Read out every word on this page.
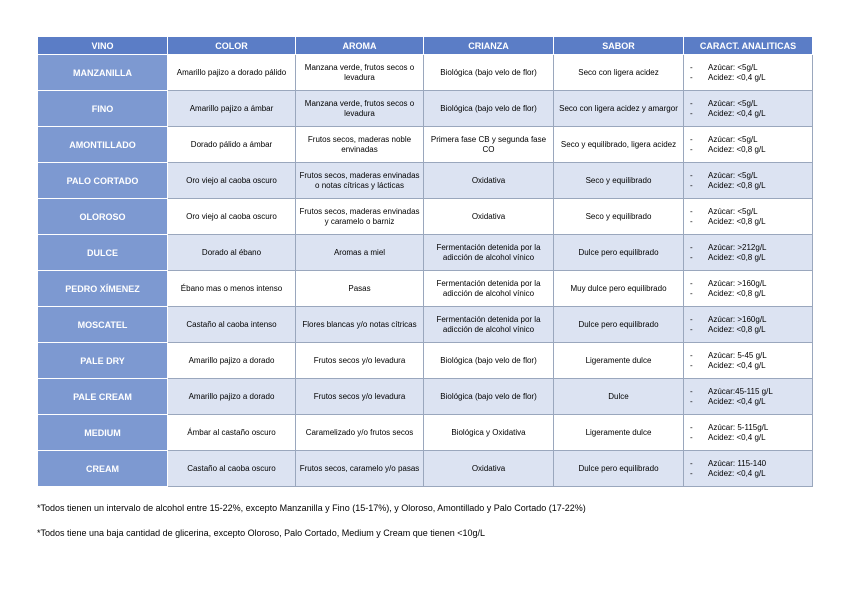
VINO	COLOR	AROMA	CRIANZA	SABOR	CARACT. ANALITICAS
MANZANILLA	Amarillo pajizo a dorado pálido	Manzana verde, frutos secos o levadura	Biológica (bajo velo de flor)	Seco con ligera acidez	- Azúcar: <5g/L
- Acidez: <0,4 g/L

FINO	Amarillo pajizo a ámbar	Manzana verde, frutos secos o levadura	Biológica (bajo velo de flor)	Seco con ligera acidez y amargor	- Azúcar: <5g/L
- Acidez: <0,4 g/L

AMONTILLADO	Dorado pálido a ámbar	Frutos secos, maderas noble envinadas	Primera fase CB y segunda fase CO	Seco y equilibrado, ligera acidez	- Azúcar: <5g/L
- Acidez: <0,8 g/L

PALO CORTADO	Oro viejo al caoba oscuro	Frutos secos, maderas envinadas o notas cítricas y lácticas	Oxidativa	Seco y equilibrado	- Azúcar: <5g/L
- Acidez: <0,8 g/L

OLOROSO	Oro viejo al caoba oscuro	Frutos secos, maderas envinadas y caramelo o barniz	Oxidativa	Seco y equilibrado	- Azúcar: <5g/L
- Acidez: <0,8 g/L

DULCE	Dorado al ébano	Aromas a miel	Fermentación detenida por la adicción de alcohol vínico	Dulce pero equilibrado	- Azúcar: >212g/L
- Acidez: <0,8 g/L

PEDRO XÍMENEZ	Ébano mas o menos intenso	Pasas	Fermentación detenida por la adicción de alcohol vínico	Muy dulce pero equilibrado	- Azúcar: >160g/L
- Acidez: <0,8 g/L

MOSCATEL	Castaño al caoba intenso	Flores blancas y/o notas cítricas	Fermentación detenida por la adicción de alcohol vínico	Dulce pero equilibrado	- Azúcar: >160g/L
- Acidez: <0,8 g/L

PALE DRY	Amarillo pajizo a dorado	Frutos secos y/o levadura	Biológica (bajo velo de flor)	Ligeramente dulce	- Azúcar: 5-45 g/L
- Acidez: <0,4 g/L

PALE CREAM	Amarillo pajizo a dorado	Frutos secos y/o levadura	Biológica (bajo velo de flor)	Dulce	- Azúcar:45-115 g/L
- Acidez: <0,4 g/L

MEDIUM	Ámbar al castaño oscuro	Caramelizado y/o frutos secos	Biológica y Oxidativa	Ligeramente dulce	- Azúcar: 5-115g/L
- Acidez: <0,4 g/L

CREAM	Castaño al caoba oscuro	Frutos secos, caramelo y/o pasas	Oxidativa	Dulce pero equilibrado	- Azúcar: 115-140
- Acidez: <0,4 g/L
*Todos tienen un intervalo de alcohol entre 15-22%, excepto Manzanilla y Fino (15-17%), y Oloroso, Amontillado y Palo Cortado (17-22%)
*Todos tiene una baja cantidad de glicerina, excepto Oloroso, Palo Cortado, Medium y Cream que tienen <10g/L
